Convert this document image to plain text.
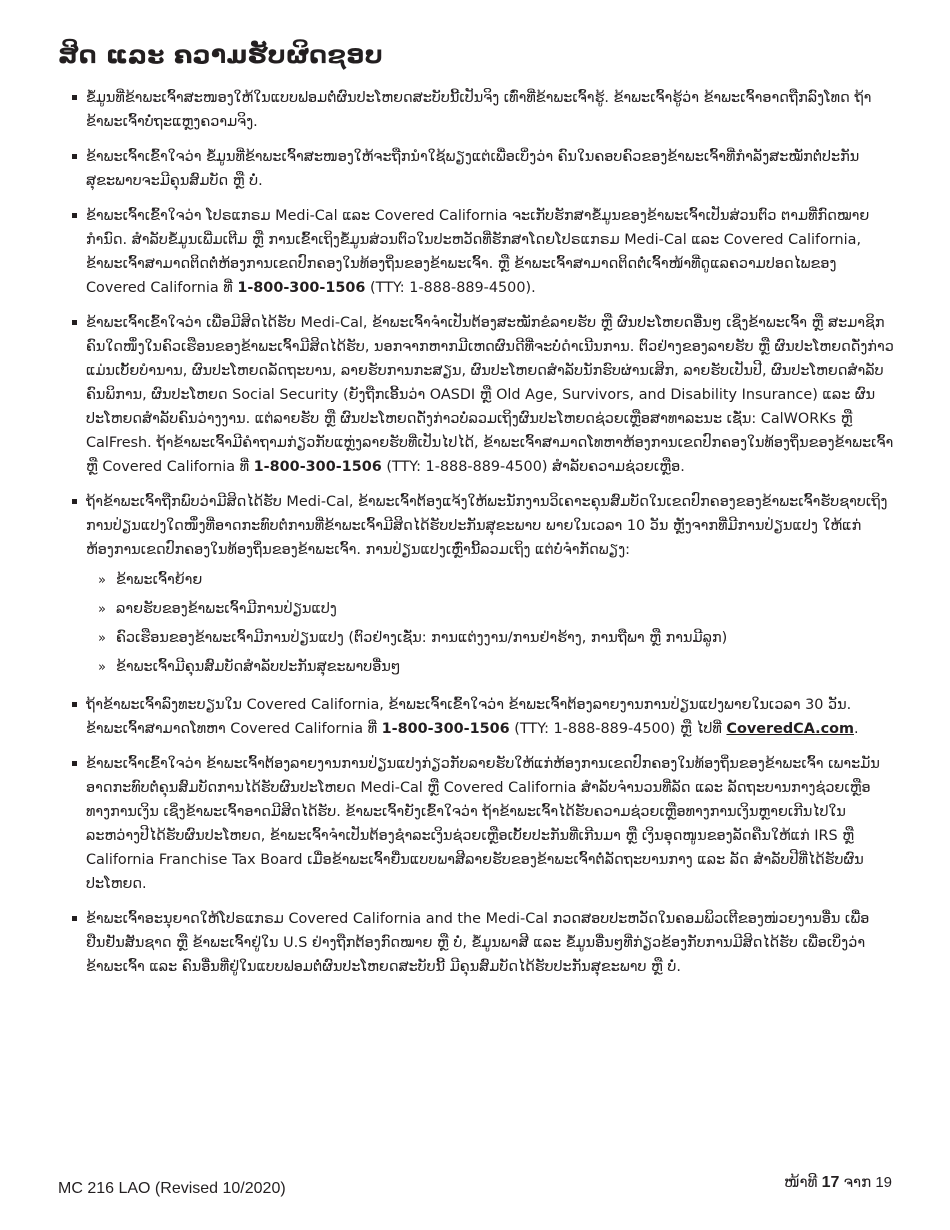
ສິດ ແລະ ຄວາມຮັບຜິດຊອບ

ຂໍ້ມູນທີ່ຂ້າພະເຈົ້າສະໜອງໃຫ້ໃນແບບຟອມຕໍ່ຜົນປະໂຫຍດສະບັບນີ້ເປັນຈິງ ເທົ່າທີ່ຂ້າພະເຈົ້າຮູ້. ຂ້າພະເຈົ້າຮູ້ວ່າ ຂ້າພະເຈົ້າອາດຖືກລົງໂທດ ຖ້າຂ້າພະເຈົ້າບໍ່ຖະແຫຼງຄວາມຈິງ.

ຂ້າພະເຈົ້າເຂົ້າໃຈວ່າ ຂໍ້ມູນທີ່ຂ້າພະເຈົ້າສະໜອງໃຫ້ຈະຖືກນຳໃຊ້ພຽງແຕ່ເພື່ອເບິ່ງວ່າ ຄົນໃນຄອບຄົວຂອງຂ້າພະເຈົ້າທີ່ກຳລັງສະໝັກຕໍ່ປະກັນສຸຂະພາບຈະມີຄຸນສົມບັດ ຫຼື ບໍ່.

ຂ້າພະເຈົ້າເຂົ້າໃຈວ່າ ໂປຣແກຣມ Medi-Cal ແລະ Covered California ຈະເກັບຮັກສາຂໍ້ມູນຂອງຂ້າພະເຈົ້າເປັນສ່ວນຕົວ ຕາມທີ່ກົດໝາຍກຳນົດ. ສຳລັບຂໍ້ມູນເພີ່ມເຕີມ ຫຼື ການເຂົ້າເຖິງຂໍ້ມູນສ່ວນຕົວໃນປະຫວັດທີ່ຮັກສາໂດຍໂປຣແກຣມ Medi-Cal ແລະ Covered California, ຂ້າພະເຈົ້າສາມາດຕິດຕໍ່ຫ້ອງການເຂດປົກຄອງໃນທ້ອງຖິ່ນຂອງຂ້າພະເຈົ້າ. ຫຼື ຂ້າພະເຈົ້າສາມາດຕິດຕໍ່ເຈົ້າໜ້າທີ່ດູແລຄວາມປອດໄພຂອງ Covered California ທີ່ 1-800-300-1506 (TTY: 1-888-889-4500).

ຂ້າພະເຈົ້າເຂົ້າໃຈວ່າ ເພື່ອມີສິດໄດ້ຮັບ Medi-Cal, ຂ້າພະເຈົ້າຈຳເປັນຕ້ອງສະໝັກຂໍລາຍຮັບ ຫຼື ຜົນປະໂຫຍດອື່ນໆ ເຊິ່ງຂ້າພະເຈົ້າ ຫຼື ສະມາຊິກຄົນໃດໜຶ່ງໃນຄົວເຮືອນຂອງຂ້າພະເຈົ້າມີສິດໄດ້ຮັບ, ນອກຈາກຫາກມີເຫດຜົນດີທີ່ຈະບໍ່ດຳເນີນການ. ຕົວຢ່າງຂອງລາຍຮັບ ຫຼື ຜົນປະໂຫຍດດັ່ງກ່າວແມ່ນເບັ້ຍບຳນານ, ຜົນປະໂຫຍດລັດຖະບານ, ລາຍຮັບການກະສຽນ, ຜົນປະໂຫຍດສຳລັບນັກຮົບຜ່ານເສິກ, ລາຍຮັບເປັນປີ, ຜົນປະໂຫຍດສຳລັບຄົນພິການ, ຜົນປະໂຫຍດ Social Security (ຍັງຖືກເອີ້ນວ່າ OASDI ຫຼື Old Age, Survivors, and Disability Insurance) ແລະ ຜົນປະໂຫຍດສຳລັບຄົນວ່າງງານ. ແຕ່ລາຍຮັບ ຫຼື ຜົນປະໂຫຍດດັ່ງກ່າວບໍ່ລວມເຖິງຜົນປະໂຫຍດຊ່ວຍເຫຼືອສາທາລະນະ ເຊັ່ນ: CalWORKs ຫຼື CalFresh. ຖ້າຂ້າພະເຈົ້າມີຄຳຖາມກ່ຽວກັບແຫຼ່ງລາຍຮັບທີ່ເປັນໄປໄດ້, ຂ້າພະເຈົ້າສາມາດໂທຫາຫ້ອງການເຂດປົກຄອງໃນທ້ອງຖິ່ນຂອງຂ້າພະເຈົ້າ ຫຼື Covered California ທີ່ 1-800-300-1506 (TTY: 1-888-889-4500) ສຳລັບຄວາມຊ່ວຍເຫຼືອ.

ຖ້າຂ້າພະເຈົ້າຖືກພົບວ່າມີສິດໄດ້ຮັບ Medi-Cal, ຂ້າພະເຈົ້າຕ້ອງແຈ້ງໃຫ້ພະນັກງານວິເຄາະຄຸນສົມບັດໃນເຂດປົກຄອງຂອງຂ້າພະເຈົ້າຮັບຊາບເຖິງການປ່ຽນແປງໃດໜຶ່ງທີ່ອາດກະທົບຕໍ່ການທີ່ຂ້າພະເຈົ້າມີສິດໄດ້ຮັບປະກັນສຸຂະພາບ ພາຍໃນເວລາ 10 ວັນ ຫຼັງຈາກທີ່ມີການປ່ຽນແປງ ໃຫ້ແກ່ຫ້ອງການເຂດປົກຄອງໃນທ້ອງຖິ່ນຂອງຂ້າພະເຈົ້າ. ການປ່ຽນແປງເຫຼົ່ານີ້ລວມເຖິງ ແຕ່ບໍ່ຈຳກັດພຽງ:
» ຂ້າພະເຈົ້າຍ້າຍ
» ລາຍຮັບຂອງຂ້າພະເຈົ້າມີການປ່ຽນແປງ
» ຄົວເຮືອນຂອງຂ້າພະເຈົ້າມີການປ່ຽນແປງ (ຕົວຢ່າງເຊັ່ນ: ການແຕ່ງງານ/ການຢ່າຮ້າງ, ການຖືພາ ຫຼື ການມີລູກ)
» ຂ້າພະເຈົ້າມີຄຸນສົມບັດສຳລັບປະກັນສຸຂະພາບອື່ນໆ

ຖ້າຂ້າພະເຈົ້າລົງທະບຽນໃນ Covered California, ຂ້າພະເຈົ້າເຂົ້າໃຈວ່າ ຂ້າພະເຈົ້າຕ້ອງລາຍງານການປ່ຽນແປງພາຍໃນເວລາ 30 ວັນ. ຂ້າພະເຈົ້າສາມາດໂທຫາ Covered California ທີ່ 1-800-300-1506 (TTY: 1-888-889-4500) ຫຼື ໄປທີ່ CoveredCA.com.

ຂ້າພະເຈົ້າເຂົ້າໃຈວ່າ ຂ້າພະເຈົ້າຕ້ອງລາຍງານການປ່ຽນແປງກ່ຽວກັບລາຍຮັບໃຫ້ແກ່ຫ້ອງການເຂດປົກຄອງໃນທ້ອງຖິ່ນຂອງຂ້າພະເຈົ້າ ເພາະມັນອາດກະທົບຕໍ່ຄຸນສົມບັດການໄດ້ຮັບຜົນປະໂຫຍດ Medi-Cal ຫຼື Covered California ສຳລັບຈຳນວນທີ່ລັດ ແລະ ລັດຖະບານກາງຊ່ວຍເຫຼືອທາງການເງິນ ເຊິ່ງຂ້າພະເຈົ້າອາດມີສິດໄດ້ຮັບ. ຂ້າພະເຈົ້າຍັງເຂົ້າໃຈວ່າ ຖ້າຂ້າພະເຈົ້າໄດ້ຮັບຄວາມຊ່ວຍເຫຼືອທາງການເງິນຫຼາຍເກີນໄປໃນລະຫວ່າງປີໄດ້ຮັບຜົນປະໂຫຍດ, ຂ້າພະເຈົ້າຈຳເປັນຕ້ອງຊຳລະເງິນຊ່ວຍເຫຼືອເບັ້ຍປະກັນທີ່ເກີນມາ ຫຼື ເງິນອຸດໜູນຂອງລັດຄືນໃຫ້ແກ່ IRS ຫຼື California Franchise Tax Board ເມື່ອຂ້າພະເຈົ້າຍື່ນແບບພາສີລາຍຮັບຂອງຂ້າພະເຈົ້າຕໍ່ລັດຖະບານກາງ ແລະ ລັດ ສຳລັບປີທີ່ໄດ້ຮັບຜົນປະໂຫຍດ.

ຂ້າພະເຈົ້າອະນຸຍາດໃຫ້ໂປຣແກຣມ Covered California and the Medi-Cal ກວດສອບປະຫວັດໃນຄອມພິວເຕີຂອງໜ່ວຍງານອື່ນ ເພື່ອຢືນຢັນສັນຊາດ ຫຼື ຂ້າພະເຈົ້າຢູ່ໃນ U.S ຢ່າງຖືກຕ້ອງກົດໝາຍ ຫຼື ບໍ່, ຂໍ້ມູນພາສີ ແລະ ຂໍ້ມູນອື່ນໆທີ່ກ່ຽວຂ້ອງກັບການມີສິດໄດ້ຮັບ ເພື່ອເບິ່ງວ່າຂ້າພະເຈົ້າ ແລະ ຄົນອື່ນທີ່ຢູ່ໃນແບບຟອມຕໍ່ຜົນປະໂຫຍດສະບັບນີ້ ມີຄຸນສົມບັດໄດ້ຮັບປະກັນສຸຂະພາບ ຫຼື ບໍ່.

MC 216 LAO (Revised 10/2020)	ໜ້າທີ 17 ຈາກ 19
